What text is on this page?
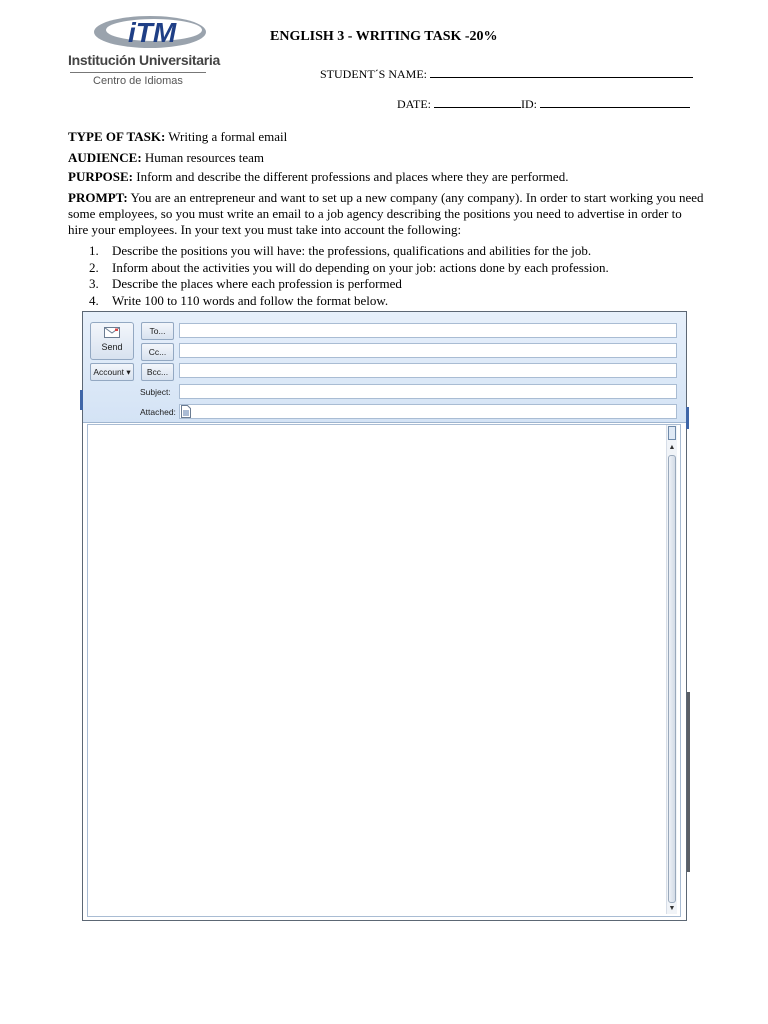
iTM
Institución Universitaria
Centro de Idiomas
ENGLISH 3 - WRITING TASK -20%
STUDENT´S NAME:
DATE:	ID:
TYPE OF TASK: Writing a formal email
AUDIENCE: Human resources team
PURPOSE: Inform and describe the different professions and places where they are performed.
PROMPT: You are an entrepreneur and want to set up a new company (any company). In order to start working you need some employees, so you must write an email to a job agency describing the positions you need to advertise in order to hire your employees. In your text you must take into account the following:
1. Describe the positions you will have: the professions, qualifications and abilities for the job.
2. Inform about the activities you will do depending on your job: actions done by each profession.
3. Describe the places where each profession is performed
4. Write 100 to 110 words and follow the format below.
Send
Account ▾
To...
Cc...
Bcc...
Subject:
Attached:
▲
▼
